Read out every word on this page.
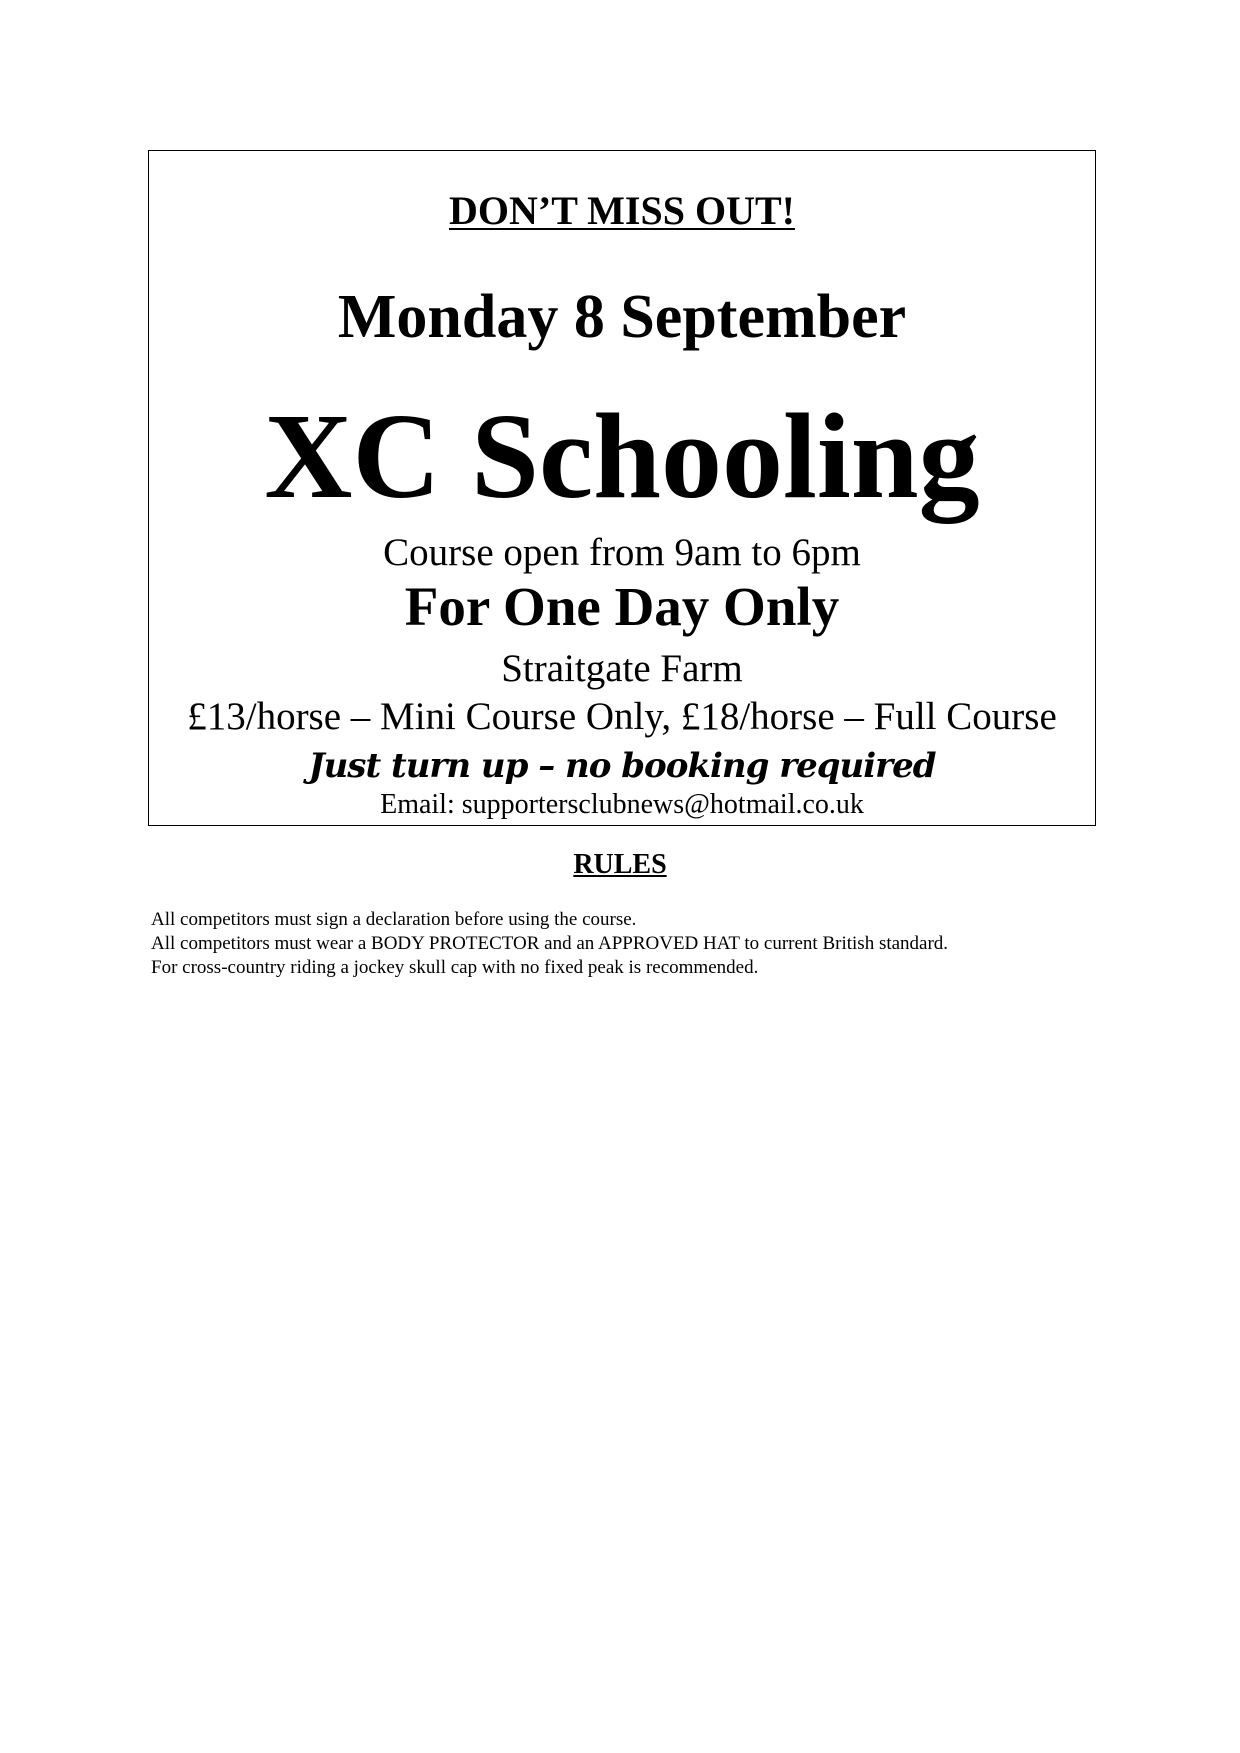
DON’T MISS OUT!
Monday 8 September
XC Schooling
Course open from 9am to 6pm
For One Day Only
Straitgate Farm
£13/horse – Mini Course Only, £18/horse – Full Course
Just turn up – no booking required
Email: supportersclubnews@hotmail.co.uk
RULES
All competitors must sign a declaration before using the course.
All competitors must wear a BODY PROTECTOR and an APPROVED HAT to current British standard.
For cross-country riding a jockey skull cap with no fixed peak is recommended.
